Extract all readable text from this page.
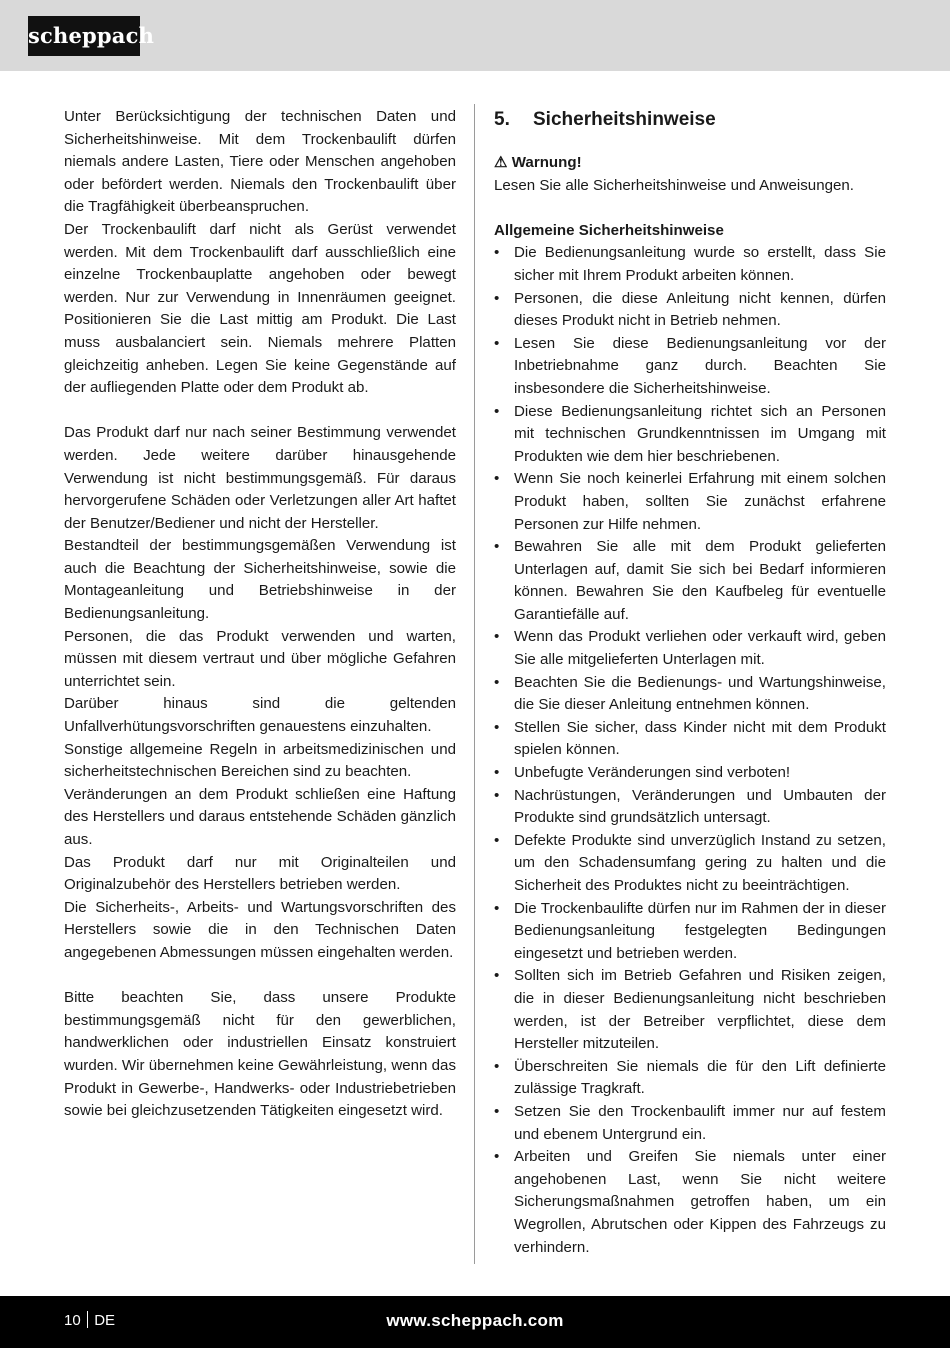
scheppach

Unter Berücksichtigung der technischen Daten und Sicherheitshinweise. Mit dem Trockenbaulift dürfen niemals andere Lasten, Tiere oder Menschen angehoben oder befördert werden. Niemals den Trockenbaulift über die Tragfähigkeit überbeanspruchen.

Der Trockenbaulift darf nicht als Gerüst verwendet werden. Mit dem Trockenbaulift darf ausschließlich eine einzelne Trockenbauplatte angehoben oder bewegt werden. Nur zur Verwendung in Innenräumen geeignet. Positionieren Sie die Last mittig am Produkt. Die Last muss ausbalanciert sein. Niemals mehrere Platten gleichzeitig anheben. Legen Sie keine Gegenstände auf der aufliegenden Platte oder dem Produkt ab.

Das Produkt darf nur nach seiner Bestimmung verwendet werden. Jede weitere darüber hinausgehende Verwendung ist nicht bestimmungsgemäß. Für daraus hervorgerufene Schäden oder Verletzungen aller Art haftet der Benutzer/Bediener und nicht der Hersteller.

Bestandteil der bestimmungsgemäßen Verwendung ist auch die Beachtung der Sicherheitshinweise, sowie die Montageanleitung und Betriebshinweise in der Bedienungsanleitung.

Personen, die das Produkt verwenden und warten, müssen mit diesem vertraut und über mögliche Gefahren unterrichtet sein.

Darüber hinaus sind die geltenden Unfallverhütungsvorschriften genauestens einzuhalten.

Sonstige allgemeine Regeln in arbeitsmedizinischen und sicherheitstechnischen Bereichen sind zu beachten.

Veränderungen an dem Produkt schließen eine Haftung des Herstellers und daraus entstehende Schäden gänzlich aus.

Das Produkt darf nur mit Originalteilen und Originalzubehör des Herstellers betrieben werden.

Die Sicherheits-, Arbeits- und Wartungsvorschriften des Herstellers sowie die in den Technischen Daten angegebenen Abmessungen müssen eingehalten werden.

Bitte beachten Sie, dass unsere Produkte bestimmungsgemäß nicht für den gewerblichen, handwerklichen oder industriellen Einsatz konstruiert wurden. Wir übernehmen keine Gewährleistung, wenn das Produkt in Gewerbe-, Handwerks- oder Industriebetrieben sowie bei gleichzusetzenden Tätigkeiten eingesetzt wird.

5.	Sicherheitshinweise
⚠ Warnung!

Lesen Sie alle Sicherheitshinweise und Anweisungen.

Allgemeine Sicherheitshinweise
• Die Bedienungsanleitung wurde so erstellt, dass Sie sicher mit Ihrem Produkt arbeiten können.
• Personen, die diese Anleitung nicht kennen, dürfen dieses Produkt nicht in Betrieb nehmen.
• Lesen Sie diese Bedienungsanleitung vor der Inbetriebnahme ganz durch. Beachten Sie insbesondere die Sicherheitshinweise.
• Diese Bedienungsanleitung richtet sich an Personen mit technischen Grundkenntnissen im Umgang mit Produkten wie dem hier beschriebenen.
• Wenn Sie noch keinerlei Erfahrung mit einem solchen Produkt haben, sollten Sie zunächst erfahrene Personen zur Hilfe nehmen.
• Bewahren Sie alle mit dem Produkt gelieferten Unterlagen auf, damit Sie sich bei Bedarf informieren können. Bewahren Sie den Kaufbeleg für eventuelle Garantiefälle auf.
• Wenn das Produkt verliehen oder verkauft wird, geben Sie alle mitgelieferten Unterlagen mit.
• Beachten Sie die Bedienungs- und Wartungshinweise, die Sie dieser Anleitung entnehmen können.
• Stellen Sie sicher, dass Kinder nicht mit dem Produkt spielen können.
• Unbefugte Veränderungen sind verboten!
• Nachrüstungen, Veränderungen und Umbauten der Produkte sind grundsätzlich untersagt.
• Defekte Produkte sind unverzüglich Instand zu setzen, um den Schadensumfang gering zu halten und die Sicherheit des Produktes nicht zu beeinträchtigen.
• Die Trockenbaulifte dürfen nur im Rahmen der in dieser Bedienungsanleitung festgelegten Bedingungen eingesetzt und betrieben werden.
• Sollten sich im Betrieb Gefahren und Risiken zeigen, die in dieser Bedienungsanleitung nicht beschrieben werden, ist der Betreiber verpflichtet, diese dem Hersteller mitzuteilen.
• Überschreiten Sie niemals die für den Lift definierte zulässige Tragkraft.
• Setzen Sie den Trockenbaulift immer nur auf festem und ebenem Untergrund ein.
• Arbeiten und Greifen Sie niemals unter einer angehobenen Last, wenn Sie nicht weitere Sicherungsmaßnahmen getroffen haben, um ein Wegrollen, Abrutschen oder Kippen des Fahrzeugs zu verhindern.
10 DE	www.scheppach.com
